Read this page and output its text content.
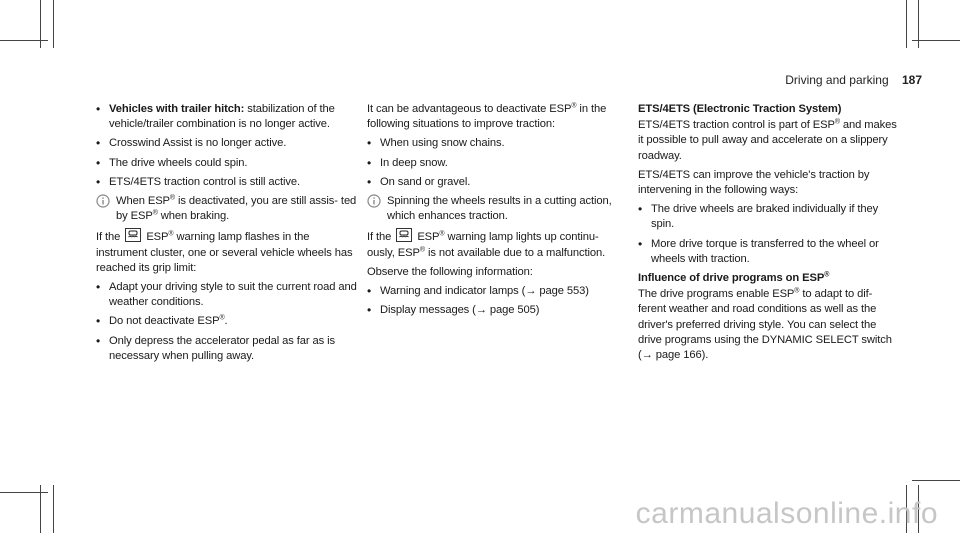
Driving and parking 187
• Vehicles with trailer hitch: stabilization of the vehicle/trailer combination is no longer active.
• Crosswind Assist is no longer active.
• The drive wheels could spin.
• ETS/4ETS traction control is still active.
When ESP® is deactivated, you are still assis- ted by ESP® when braking.

If the ESP® warning lamp flashes in the instrument cluster, one or several vehicle wheels has reached its grip limit:

• Adapt your driving style to suit the current road and weather conditions.
• Do not deactivate ESP®.
• Only depress the accelerator pedal as far as is necessary when pulling away.

It can be advantageous to deactivate ESP® in the following situations to improve traction:

• When using snow chains.
• In deep snow.
• On sand or gravel.
Spinning the wheels results in a cutting action, which enhances traction.

If the ESP® warning lamp lights up continu- ously, ESP® is not available due to a malfunction.

Observe the following information:

• Warning and indicator lamps (→ page 553)
• Display messages (→ page 505)

ETS/4ETS (Electronic Traction System)

ETS/4ETS traction control is part of ESP® and makes it possible to pull away and accelerate on a slippery roadway.

ETS/4ETS can improve the vehicle's traction by intervening in the following ways:

• The drive wheels are braked individually if they spin.
• More drive torque is transferred to the wheel or wheels with traction.

Influence of drive programs on ESP®

The drive programs enable ESP® to adapt to dif- ferent weather and road conditions as well as the driver's preferred driving style. You can select the drive programs using the DYNAMIC SELECT switch (→ page 166).

carmanualsonline.info
